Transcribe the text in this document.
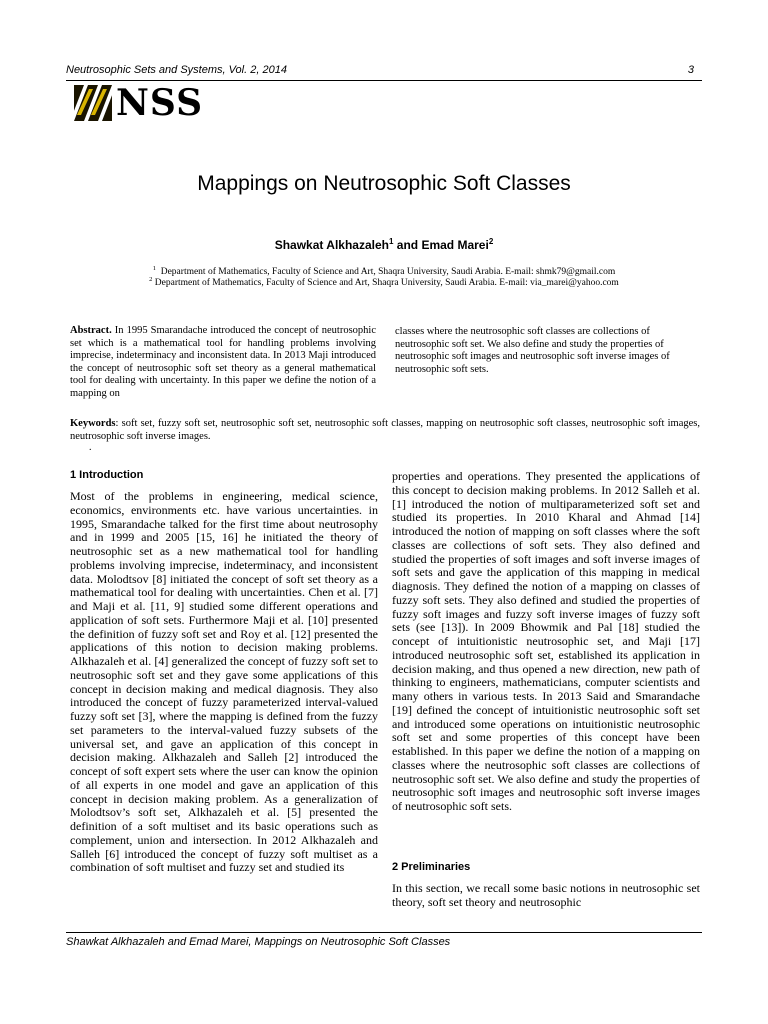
Neutrosophic Sets and Systems, Vol. 2, 2014	3
NSS
Mappings on Neutrosophic Soft Classes
Shawkat Alkhazaleh$^1$ and Emad Marei$^2$
$^1$ Department of Mathematics, Faculty of Science and Art, Shaqra University, Saudi Arabia. E-mail: shmk79@gmail.com
$^2$ Department of Mathematics, Faculty of Science and Art, Shaqra University, Saudi Arabia. E-mail: via_marei@yahoo.com
Abstract. In 1995 Smarandache introduced the concept of neutrosophic set which is a mathematical tool for handling problems involving imprecise, indeterminacy and inconsistent data. In 2013 Maji introduced the concept of neutrosophic soft set theory as a general mathematical tool for dealing with uncertainty. In this paper we define the notion of a mapping on
classes where the neutrosophic soft classes are collections of neutrosophic soft set. We also define and study the properties of neutrosophic soft images and neutrosophic soft inverse images of neutrosophic soft sets.
Keywords: soft set, fuzzy soft set, neutrosophic soft set, neutrosophic soft classes, mapping on neutrosophic soft classes, neutrosophic soft images, neutrosophic soft inverse images.
.
1 Introduction
Most of the problems in engineering, medical science, economics, environments etc. have various uncertainties. in 1995, Smarandache talked for the first time about neutrosophy and in 1999 and 2005 [15, 16] he initiated the theory of neutrosophic set as a new mathematical tool for handling problems involving imprecise, indeterminacy, and inconsistent data. Molodtsov [8] initiated the concept of soft set theory as a mathematical tool for dealing with uncertainties. Chen et al. [7] and Maji et al. [11, 9] studied some different operations and application of soft sets. Furthermore Maji et al. [10] presented the definition of fuzzy soft set and Roy et al. [12] presented the applications of this notion to decision making problems. Alkhazaleh et al. [4] generalized the concept of fuzzy soft set to neutrosophic soft set and they gave some applications of this concept in decision making and medical diagnosis. They also introduced the concept of fuzzy parameterized interval-valued fuzzy soft set [3], where the mapping is defined from the fuzzy set parameters to the interval-valued fuzzy subsets of the universal set, and gave an application of this concept in decision making. Alkhazaleh and Salleh [2] introduced the concept of soft expert sets where the user can know the opinion of all experts in one model and gave an application of this concept in decision making problem. As a generalization of Molodtsov’s soft set, Alkhazaleh et al. [5] presented the definition of a soft multiset and its basic operations such as complement, union and intersection. In 2012 Alkhazaleh and Salleh [6] introduced the concept of fuzzy soft multiset as a combination of soft multiset and fuzzy set and studied its
properties and operations. They presented the applications of this concept to decision making problems. In 2012 Salleh et al. [1] introduced the notion of multiparameterized soft set and studied its properties. In 2010 Kharal and Ahmad [14] introduced the notion of mapping on soft classes where the soft classes are collections of soft sets. They also defined and studied the properties of soft images and soft inverse images of soft sets and gave the application of this mapping in medical diagnosis. They defined the notion of a mapping on classes of fuzzy soft sets. They also defined and studied the properties of fuzzy soft images and fuzzy soft inverse images of fuzzy soft sets (see [13]). In 2009 Bhowmik and Pal [18] studied the concept of intuitionistic neutrosophic set, and Maji [17] introduced neutrosophic soft set, established its application in decision making, and thus opened a new direction, new path of thinking to engineers, mathematicians, computer scientists and many others in various tests. In 2013 Said and Smarandache [19] defined the concept of intuitionistic neutrosophic soft set and introduced some operations on intuitionistic neutrosophic soft set and some properties of this concept have been established. In this paper we define the notion of a mapping on classes where the neutrosophic soft classes are collections of neutrosophic soft set. We also define and study the properties of neutrosophic soft images and neutrosophic soft inverse images of neutrosophic soft sets.
2 Preliminaries
In this section, we recall some basic notions in neutrosophic set theory, soft set theory and neutrosophic
Shawkat Alkhazaleh and Emad Marei, Mappings on Neutrosophic Soft Classes
